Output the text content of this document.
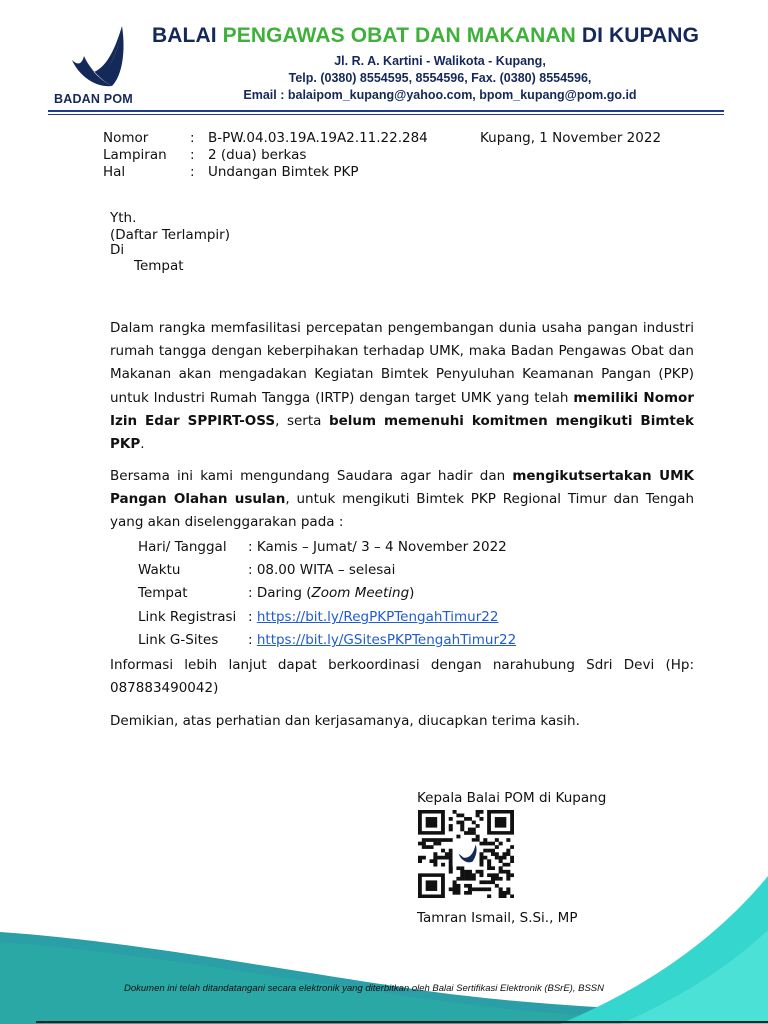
BADAN POM
BALAI PENGAWAS OBAT DAN MAKANAN DI KUPANG
Jl. R. A. Kartini - Walikota - Kupang,
Telp. (0380) 8554595, 8554596, Fax. (0380) 8554596,
Email : balaipom_kupang@yahoo.com, bpom_kupang@pom.go.id
Nomor	: B-PW.04.03.19A.19A2.11.22.284
Lampiran : 2 (dua) berkas
Hal	: Undangan Bimtek PKP
Kupang, 1 November 2022
Yth.
(Daftar Terlampir)
Di
Tempat
Dalam rangka memfasilitasi percepatan pengembangan dunia usaha pangan industri rumah tangga dengan keberpihakan terhadap UMK, maka Badan Pengawas Obat dan Makanan akan mengadakan Kegiatan Bimtek Penyuluhan Keamanan Pangan (PKP) untuk Industri Rumah Tangga (IRTP) dengan target UMK yang telah memiliki Nomor Izin Edar SPPIRT-OSS, serta belum memenuhi komitmen mengikuti Bimtek PKP.
Bersama ini kami mengundang Saudara agar hadir dan mengikutsertakan UMK Pangan Olahan usulan, untuk mengikuti Bimtek PKP Regional Timur dan Tengah yang akan diselenggarakan pada :
Hari/ Tanggal : Kamis – Jumat/ 3 – 4 November 2022
Waktu	: 08.00 WITA – selesai
Tempat	: Daring (Zoom Meeting)
Link Registrasi : https://bit.ly/RegPKPTengahTimur22
Link G-Sites : https://bit.ly/GSitesPKPTengahTimur22
Informasi lebih lanjut dapat berkoordinasi dengan narahubung Sdri Devi (Hp: 087883490042)
Demikian, atas perhatian dan kerjasamanya, diucapkan terima kasih.
Kepala Balai POM di Kupang
Tamran Ismail, S.Si., MP
Dokumen ini telah ditandatangani secara elektronik yang diterbitkan oleh Balai Sertifikasi Elektronik (BSrE), BSSN
